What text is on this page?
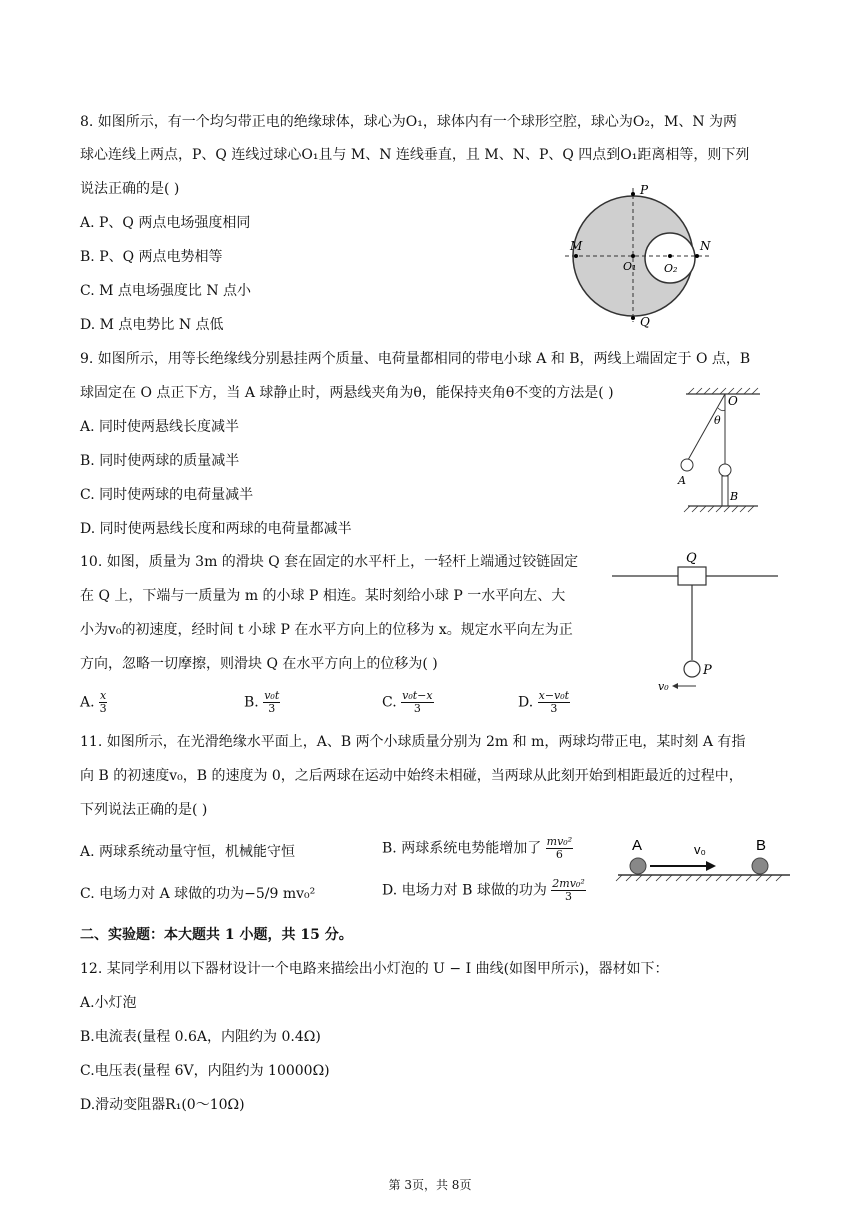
8. 如图所示，有一个均匀带正电的绝缘球体，球心为O₁，球体内有一个球形空腔，球心为O₂，M、N 为两
球心连线上两点，P、Q 连线过球心O₁且与 M、N 连线垂直，且 M、N、P、Q 四点到O₁距离相等，则下列
说法正确的是( )
A. P、Q 两点电场强度相同
B. P、Q 两点电势相等
C. M 点电场强度比 N 点小
D. M 点电势比 N 点低
P
Q
M	N
O₁	O₂
9. 如图所示，用等长绝缘线分别悬挂两个质量、电荷量都相同的带电小球 A 和 B，两线上端固定于 O 点，B
球固定在 O 点正下方，当 A 球静止时，两悬线夹角为θ，能保持夹角θ不变的方法是( )
A. 同时使两悬线长度减半
B. 同时使两球的质量减半
C. 同时使两球的电荷量减半
D. 同时使两悬线长度和两球的电荷量都减半
O
θ
A
B
10. 如图，质量为 3m 的滑块 Q 套在固定的水平杆上，一轻杆上端通过铰链固定
在 Q 上，下端与一质量为 m 的小球 P 相连。某时刻给小球 P 一水平向左、大
小为v₀的初速度，经时间 t 小球 P 在水平方向上的位移为 x。规定水平向左为正
方向，忽略一切摩擦，则滑块 Q 在水平方向上的位移为( )
A. $\frac{x}{3}$	B. $\frac{\text{v₀t}}{3}$	C. $\frac{\text{v₀t−x}}{3}$	D. $\frac{\text{x−v₀t}}{3}$
Q
P
v₀
11. 如图所示，在光滑绝缘水平面上，A、B 两个小球质量分别为 2m 和 m，两球均带正电，某时刻 A 有指
向 B 的初速度v₀，B 的速度为 0，之后两球在运动中始终未相碰，当两球从此刻开始到相距最近的过程中，
下列说法正确的是( )
A. 两球系统动量守恒，机械能守恒	B. 两球系统电势能增加了 $\frac{\text{mv₀²}}{6}$
C. 电场力对 A 球做的功为−5/9 mv₀²	D. 电场力对 B 球做的功为 $\frac{\text{2mv₀²}}{3}$
A	v₀	B
二、实验题：本大题共 1 小题，共 15 分。
12. 某同学利用以下器材设计一个电路来描绘出小灯泡的 U − I 曲线(如图甲所示)，器材如下：
A.小灯泡
B.电流表(量程 0.6A，内阻约为 0.4Ω)
C.电压表(量程 6V，内阻约为 10000Ω)
D.滑动变阻器R₁(0～10Ω)
第 3页，共 8页
